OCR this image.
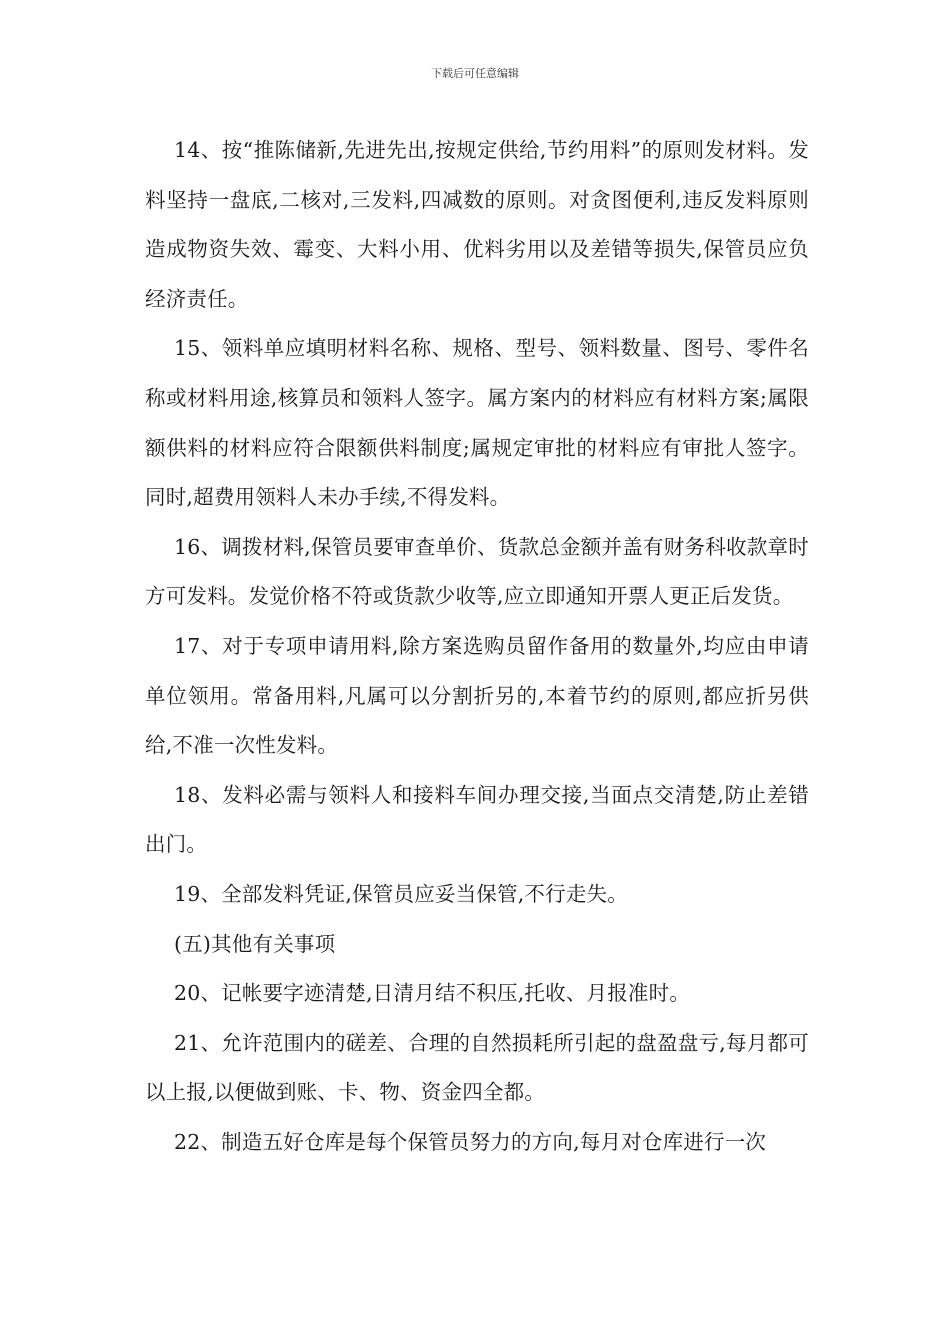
下载后可任意编辑

14、按“推陈储新,先进先出,按规定供给,节约用料”的原则发材料。发料坚持一盘底,二核对,三发料,四减数的原则。对贪图便利,违反发料原则造成物资失效、霉变、大料小用、优料劣用以及差错等损失,保管员应负经济责任。

15、领料单应填明材料名称、规格、型号、领料数量、图号、零件名称或材料用途,核算员和领料人签字。属方案内的材料应有材料方案;属限额供料的材料应符合限额供料制度;属规定审批的材料应有审批人签字。同时,超费用领料人未办手续,不得发料。

16、调拨材料,保管员要审查单价、货款总金额并盖有财务科收款章时方可发料。发觉价格不符或货款少收等,应立即通知开票人更正后发货。

17、对于专项申请用料,除方案选购员留作备用的数量外,均应由申请单位领用。常备用料,凡属可以分割折另的,本着节约的原则,都应折另供给,不准一次性发料。

18、发料必需与领料人和接料车间办理交接,当面点交清楚,防止差错出门。

19、全部发料凭证,保管员应妥当保管,不行走失。

(五)其他有关事项

20、记帐要字迹清楚,日清月结不积压,托收、月报准时。

21、允许范围内的磋差、合理的自然损耗所引起的盘盈盘亏,每月都可以上报,以便做到账、卡、物、资金四全都。

22、制造五好仓库是每个保管员努力的方向,每月对仓库进行一次
